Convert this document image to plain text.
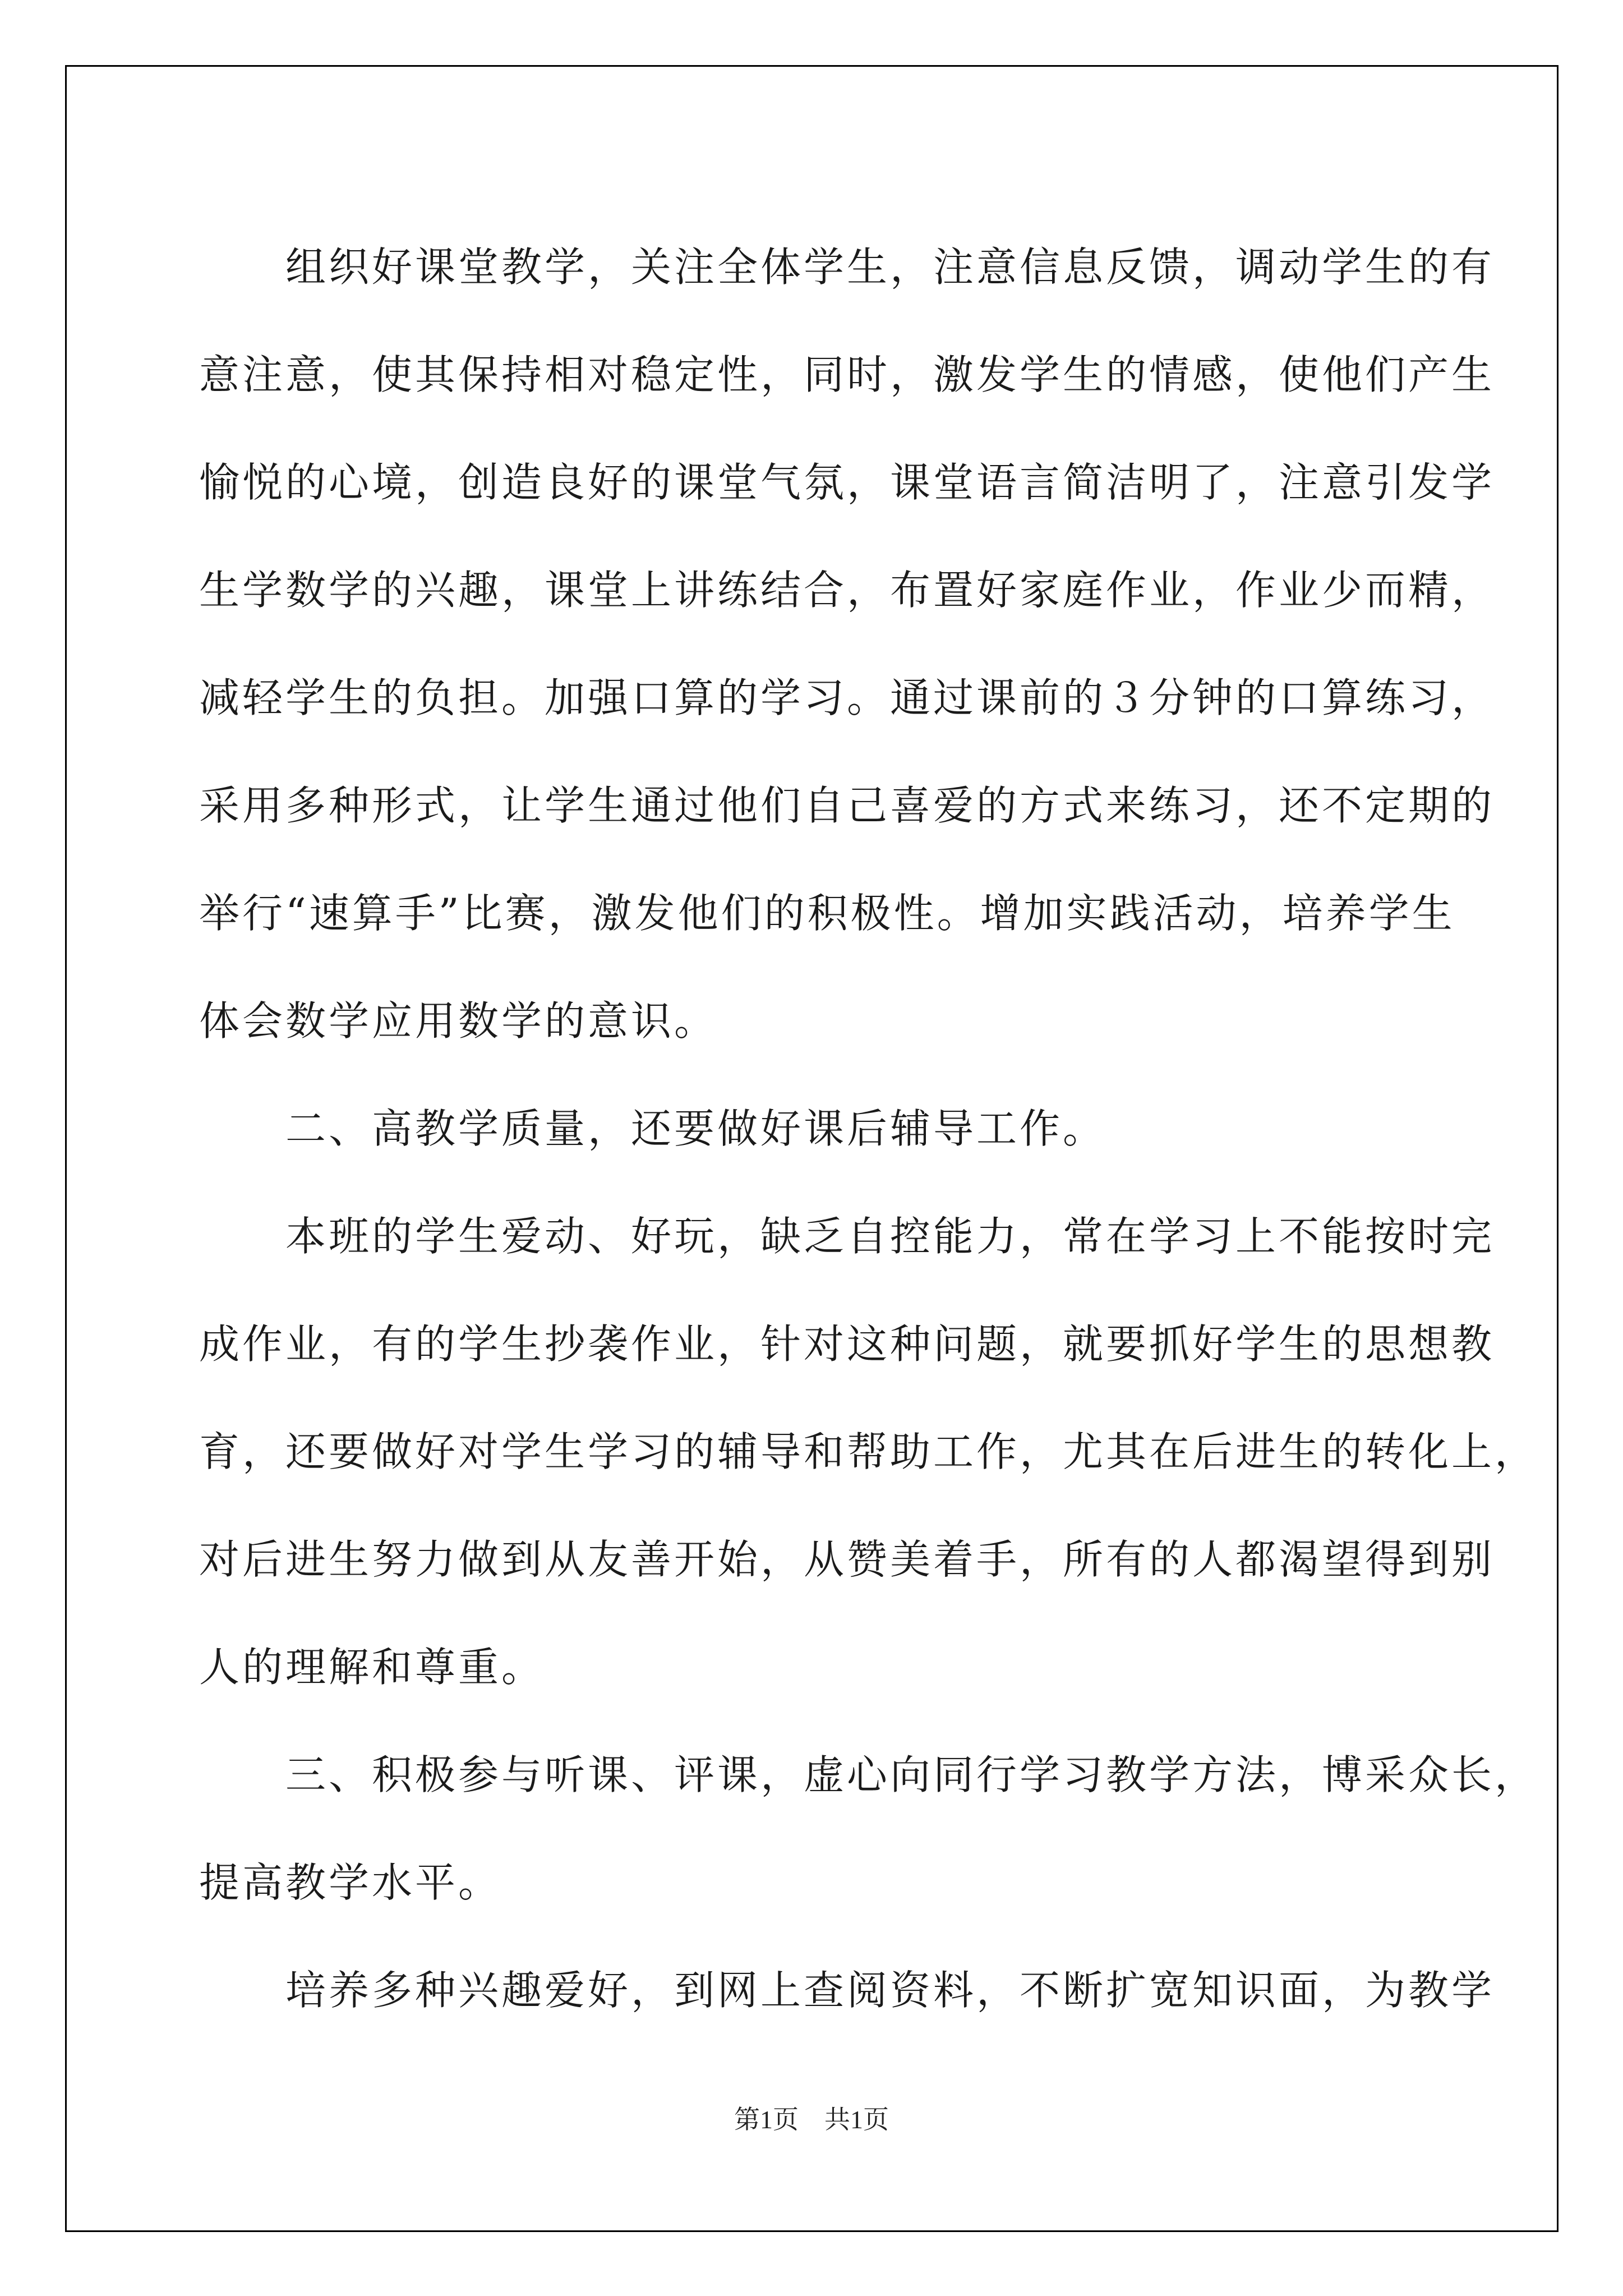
　　组织好课堂教学，关注全体学生，注意信息反馈，调动学生的有
意注意，使其保持相对稳定性，同时，激发学生的情感，使他们产生
愉悦的心境，创造良好的课堂气氛，课堂语言简洁明了，注意引发学
生学数学的兴趣，课堂上讲练结合，布置好家庭作业，作业少而精，
减轻学生的负担。加强口算的学习。通过课前的３分钟的口算练习，
采用多种形式，让学生通过他们自己喜爱的方式来练习，还不定期的
举行“速算手”比赛，激发他们的积极性。增加实践活动，培养学生
体会数学应用数学的意识。
　　二、高教学质量，还要做好课后辅导工作。
　　本班的学生爱动、好玩，缺乏自控能力，常在学习上不能按时完
成作业，有的学生抄袭作业，针对这种问题，就要抓好学生的思想教
育，还要做好对学生学习的辅导和帮助工作，尤其在后进生的转化上，
对后进生努力做到从友善开始，从赞美着手，所有的人都渴望得到别
人的理解和尊重。
　　三、积极参与听课、评课，虚心向同行学习教学方法，博采众长，
提高教学水平。
　　培养多种兴趣爱好，到网上查阅资料，不断扩宽知识面，为教学
第1页　共1页
